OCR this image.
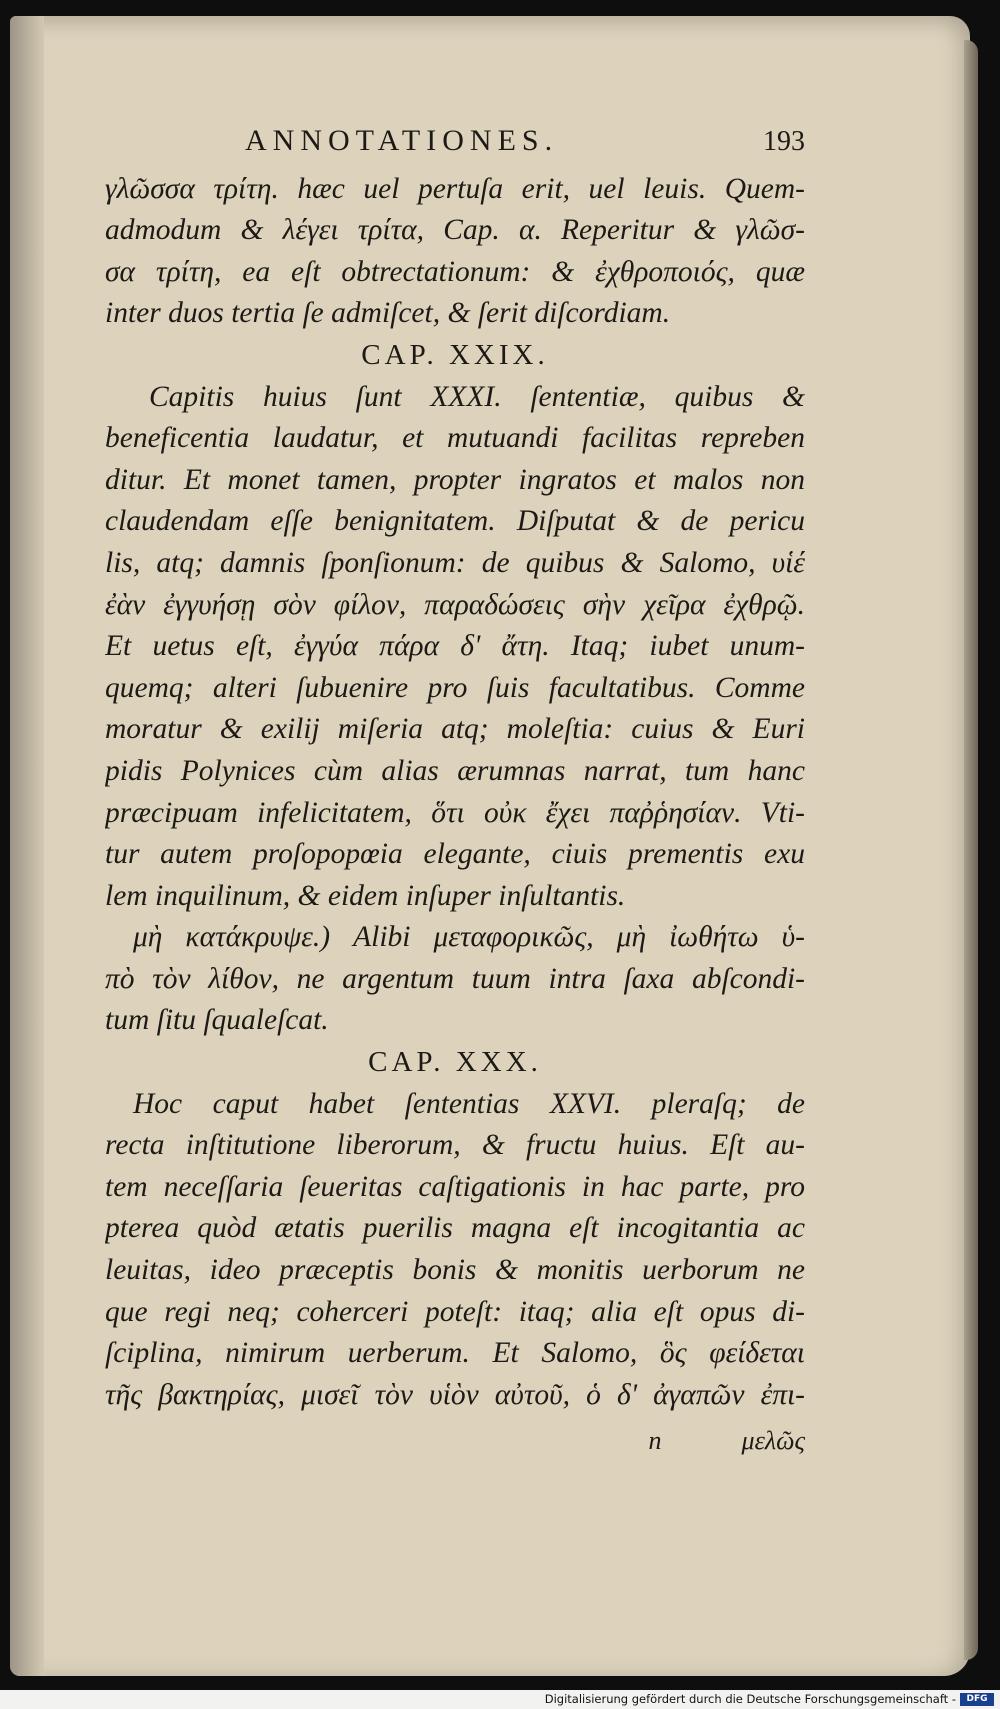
ANNOTATIONES.	193
γλῶσσα τρίτη. hæc uel pertuſa erit, uel leuis. Quem-
admodum & λέγει τρίτα, Cap. α. Reperitur & γλῶσ-
σα τρίτη, ea eſt obtrectationum: & ἐχθροποιός, quæ
inter duos tertia ſe admiſcet, & ſerit diſcordiam.
CAP. XXIX.
Capitis huius ſunt XXXI. ſententiæ, quibus &
beneficentia laudatur, et mutuandi facilitas repreben
ditur. Et monet tamen, propter ingratos et malos non
claudendam eſſe benignitatem. Diſputat & de pericu
lis, atq; damnis ſponſionum: de quibus & Salomo, υἱέ
ἐὰν ἐγγυήσῃ σὸν φίλον, παραδώσεις σὴν χεῖρα ἐχθρῷ.
Et uetus eſt, ἐγγύα πάρα δ' ἄτη. Itaq; iubet unum-
quemq; alteri ſubuenire pro ſuis facultatibus. Comme
moratur & exilij miſeria atq; moleſtia: cuius & Euri
pidis Polynices cùm alias ærumnas narrat, tum hanc
præcipuam infelicitatem, ὅτι οὐκ ἔχει παῤῥησίαν. Vti-
tur autem proſopopœia elegante, ciuis prementis exu
lem inquilinum, & eidem inſuper inſultantis.
μὴ κατάκρυψε.) Alibi μεταφορικῶς, μὴ ἰωθήτω ὑ-
πὸ τὸν λίθον, ne argentum tuum intra ſaxa abſcondi-
tum ſitu ſqualeſcat.
CAP. XXX.
Hoc caput habet ſententias XXVI. pleraſq; de
recta inſtitutione liberorum, & fructu huius. Eſt au-
tem neceſſaria ſeueritas caſtigationis in hac parte, pro
pterea quòd ætatis puerilis magna eſt incogitantia ac
leuitas, ideo præceptis bonis & monitis uerborum ne
que regi neq; coherceri poteſt: itaq; alia eſt opus di-
ſciplina, nimirum uerberum. Et Salomo, ὃς φείδεται
τῆς βακτηρίας, μισεῖ τὸν υἱὸν αὐτοῦ, ὁ δ' ἀγαπῶν ἐπι-
n	μελῶς
Digitalisierung gefördert durch die Deutsche Forschungsgemeinschaft -	DFG
